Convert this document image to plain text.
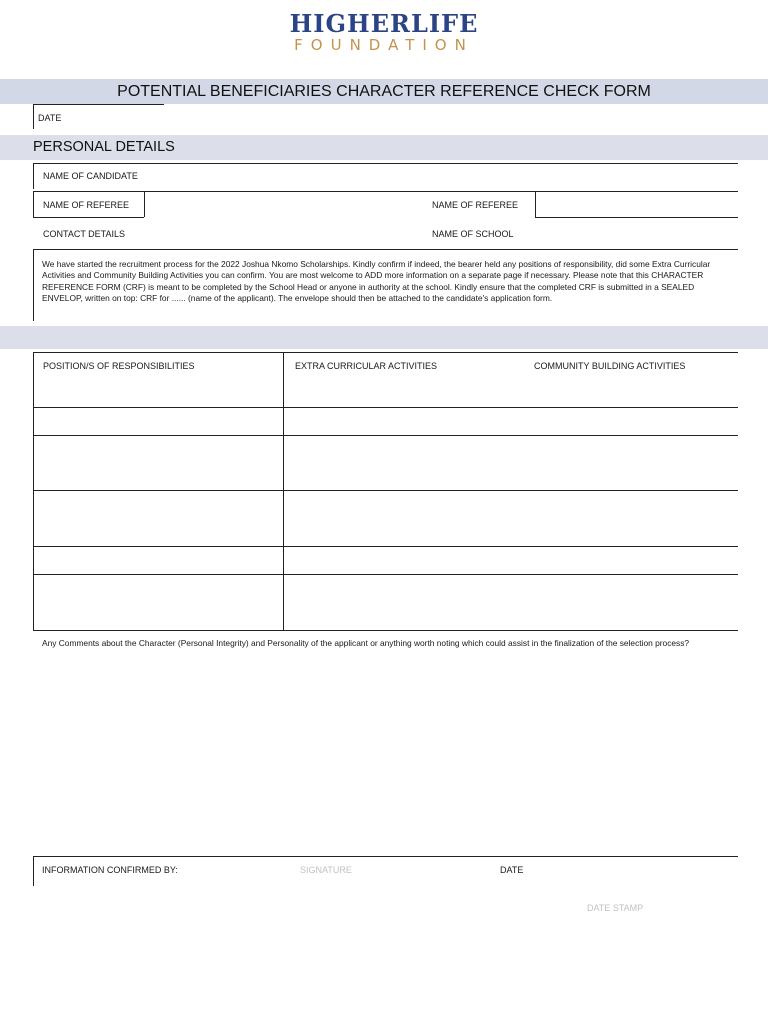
HIGHERLIFE
FOUNDATION
POTENTIAL BENEFICIARIES CHARACTER REFERENCE CHECK FORM
DATE
PERSONAL DETAILS
NAME OF CANDIDATE
NAME OF REFEREE	NAME OF REFEREE
CONTACT DETAILS	NAME OF SCHOOL
We have started the recruitment process for the 2022 Joshua Nkomo Scholarships. Kindly confirm if indeed, the bearer held any positions of responsibility, did some Extra Curricular Activities and Community Building Activities you can confirm. You are most welcome to ADD more information on a separate page if necessary. Please note that this CHARACTER REFERENCE FORM (CRF) is meant to be completed by the School Head or anyone in authority at the school. Kindly ensure that the completed CRF is submitted in a SEALED ENVELOP, written on top: CRF for ...... (name of the applicant). The envelope should then be attached to the candidate's application form.
POSITION/S OF RESPONSIBILITIES	EXTRA CURRICULAR ACTIVITIES	COMMUNITY BUILDING ACTIVITIES
Any Comments about the Character (Personal Integrity) and Personality of the applicant or anything worth noting which could assist in the finalization of the selection process?
INFORMATION CONFIRMED BY:	SIGNATURE	DATE
DATE STAMP
